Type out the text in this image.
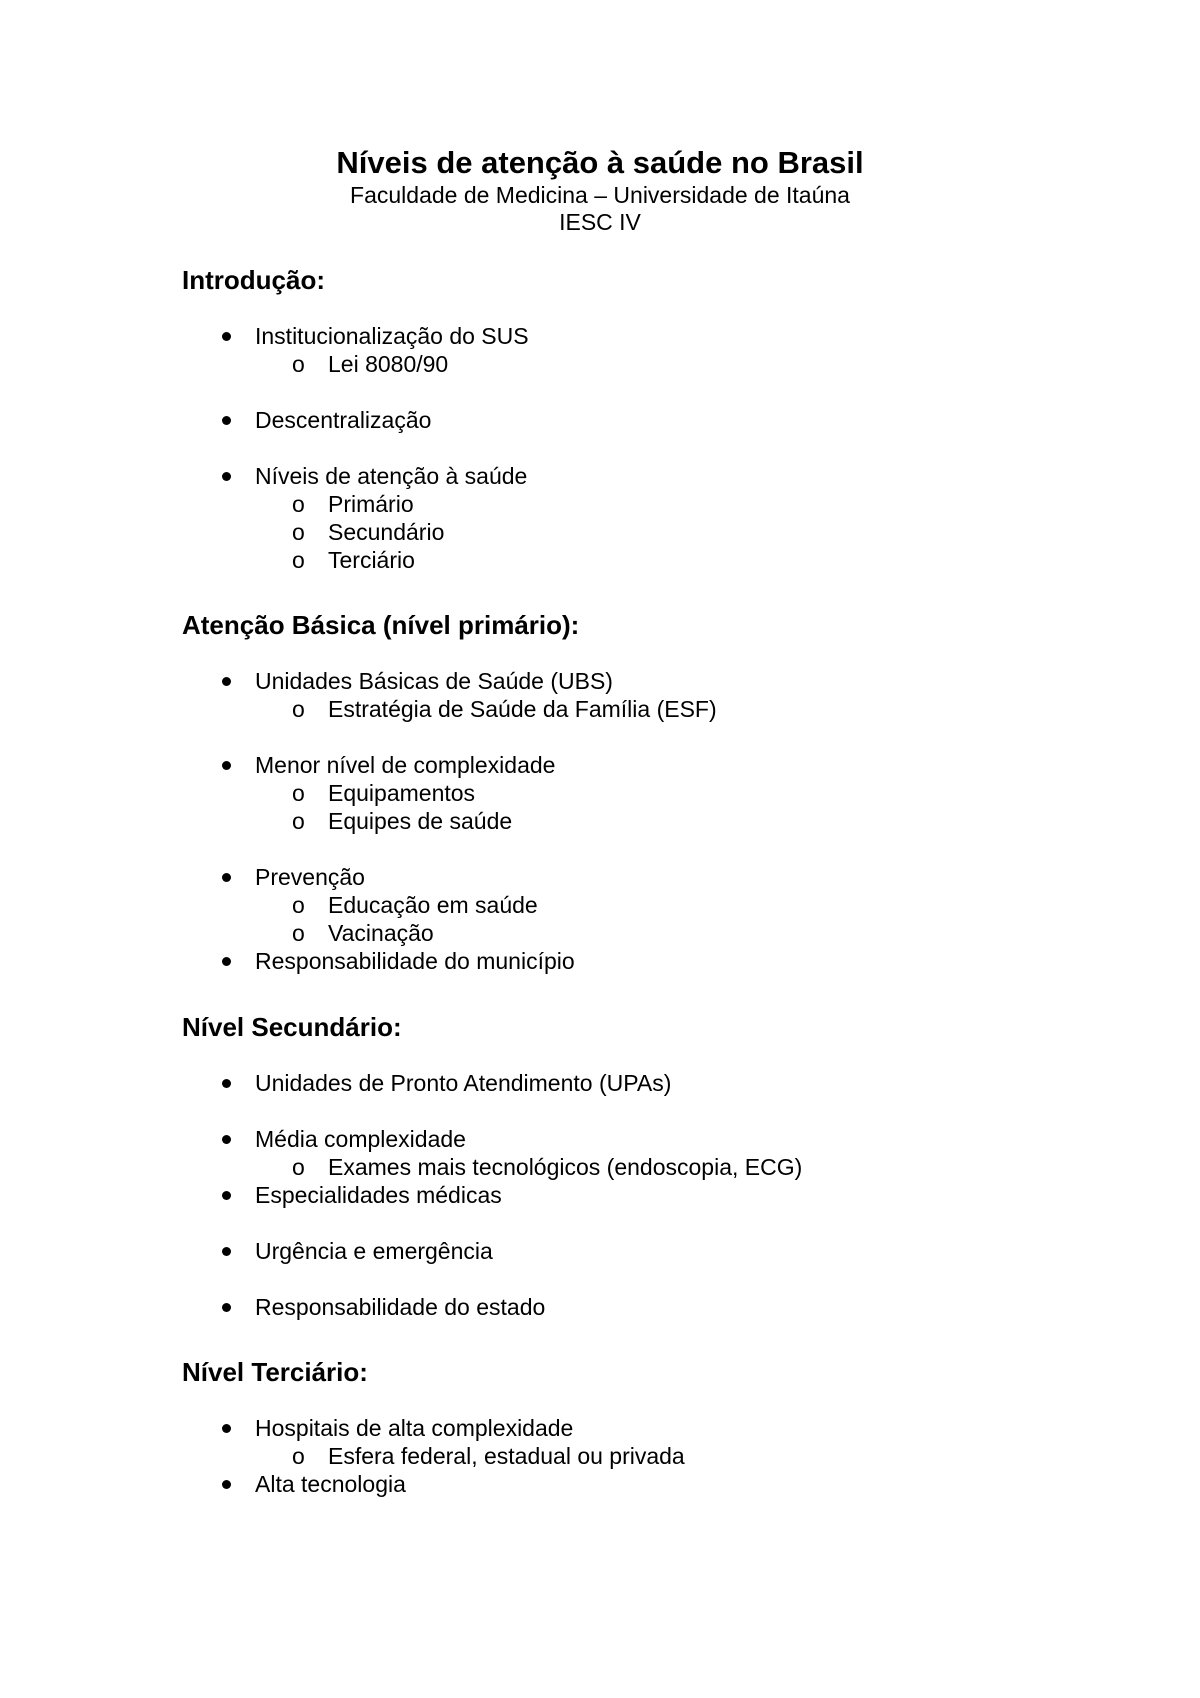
Níveis de atenção à saúde no Brasil

Faculdade de Medicina – Universidade de Itaúna

IESC IV

Introdução:

Institucionalização do SUS
o Lei 8080/90
Descentralização
Níveis de atenção à saúde
o Primário
o Secundário
o Terciário

Atenção Básica (nível primário):

Unidades Básicas de Saúde (UBS)
o Estratégia de Saúde da Família (ESF)
Menor nível de complexidade
o Equipamentos
o Equipes de saúde
Prevenção
o Educação em saúde
o Vacinação
Responsabilidade do município

Nível Secundário:

Unidades de Pronto Atendimento (UPAs)
Média complexidade
o Exames mais tecnológicos (endoscopia, ECG)
Especialidades médicas
Urgência e emergência
Responsabilidade do estado

Nível Terciário:

Hospitais de alta complexidade
o Esfera federal, estadual ou privada
Alta tecnologia
